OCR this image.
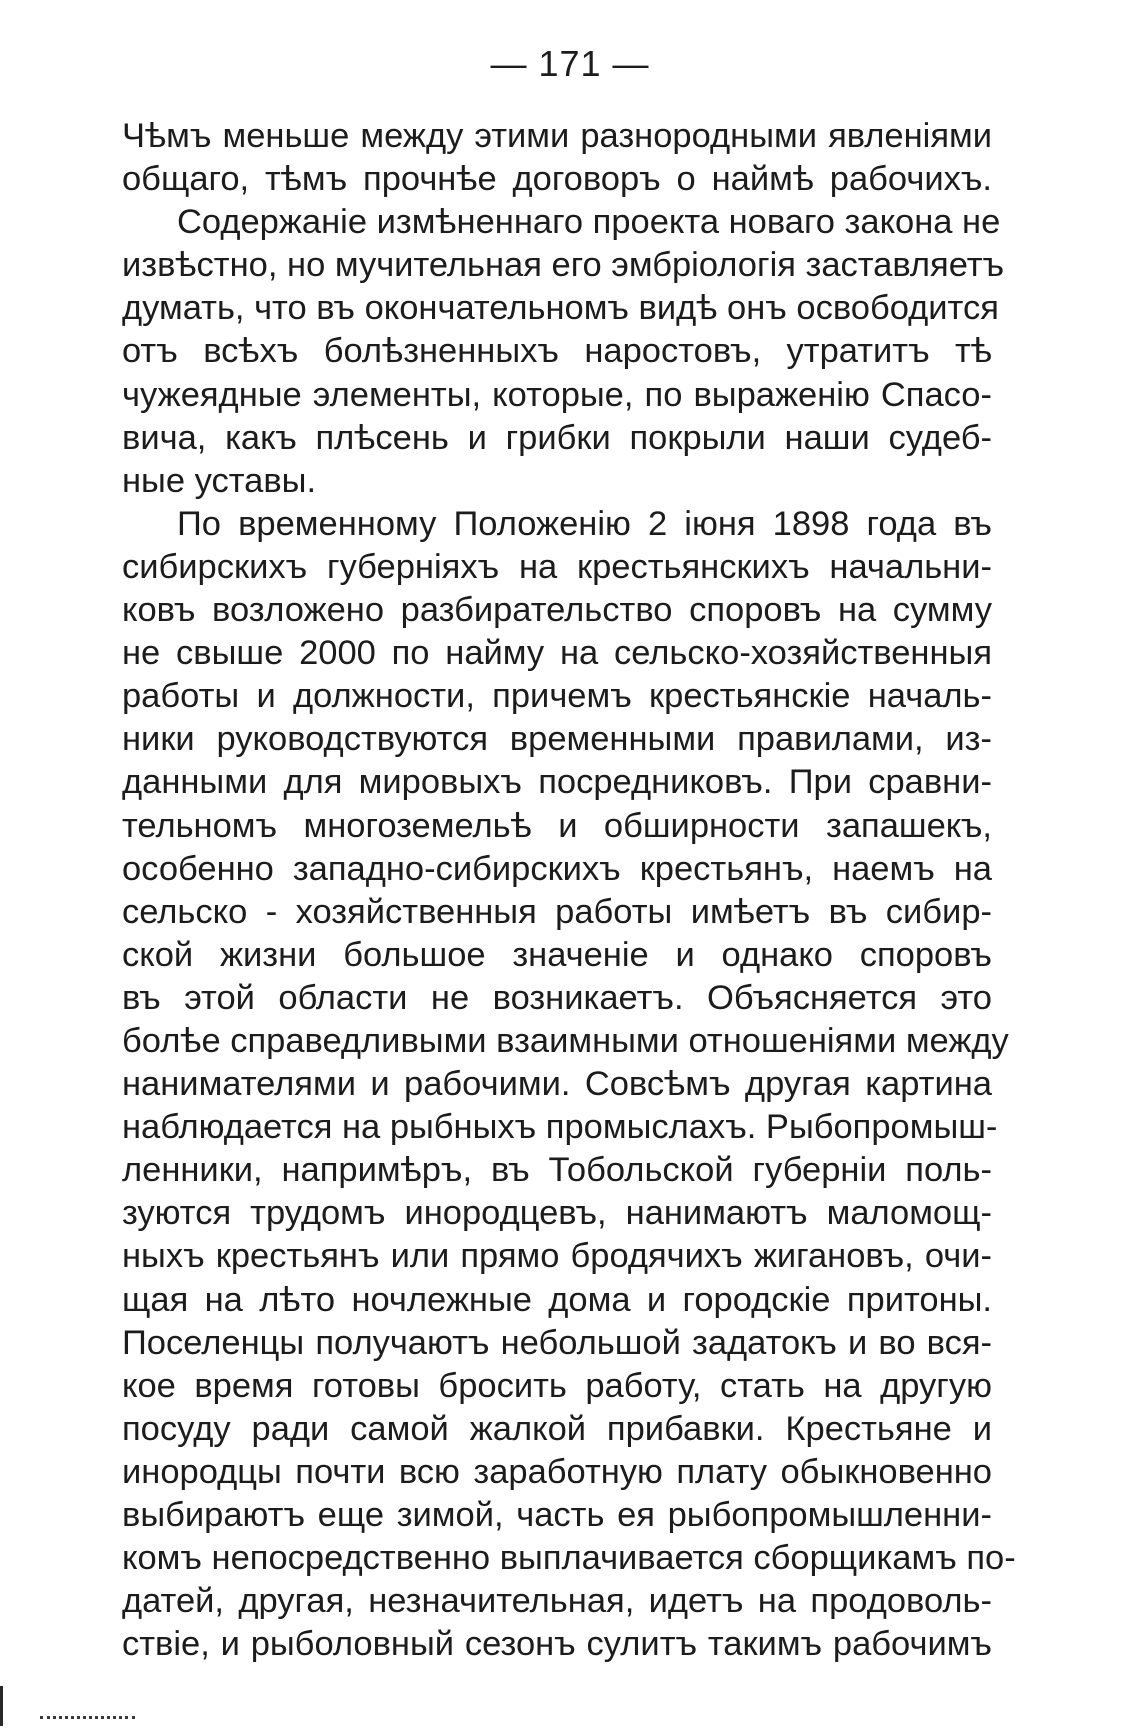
— 171 —

Чѣмъ меньше между этими разнородными явленіями
общаго, тѣмъ прочнѣе договоръ о наймѣ рабочихъ.

Содержаніе измѣненнаго проекта новаго закона не
извѣстно, но мучительная его эмбріологія заставляетъ
думать, что въ окончательномъ видѣ онъ освободится
отъ всѣхъ болѣзненныхъ наростовъ, утратитъ тѣ
чужеядные элементы, которые, по выраженію Спасо-
вича, какъ плѣсень и грибки покрыли наши судеб-
ные уставы.

По временному Положенію 2 іюня 1898 года въ
сибирскихъ губерніяхъ на крестьянскихъ начальни-
ковъ возложено разбирательство споровъ на сумму
не свыше 2000 по найму на сельско-хозяйственныя
работы и должности, причемъ крестьянскіе началь-
ники руководствуются временными правилами, из-
данными для мировыхъ посредниковъ. При сравни-
тельномъ многоземельѣ и обширности запашекъ,
особенно западно-сибирскихъ крестьянъ, наемъ на
сельско - хозяйственныя работы имѣетъ въ сибир-
ской жизни большое значеніе и однако споровъ
въ этой области не возникаетъ. Объясняется это
болѣе справедливыми взаимными отношеніями между
нанимателями и рабочими. Совсѣмъ другая картина
наблюдается на рыбныхъ промыслахъ. Рыбопромыш-
ленники, напримѣръ, въ Тобольской губерніи поль-
зуются трудомъ инородцевъ, нанимаютъ маломощ-
ныхъ крестьянъ или прямо бродячихъ жигановъ, очи-
щая на лѣто ночлежные дома и городскіе притоны.
Поселенцы получаютъ небольшой задатокъ и во вся-
кое время готовы бросить работу, стать на другую
посуду ради самой жалкой прибавки. Крестьяне и
инородцы почти всю заработную плату обыкновенно
выбираютъ еще зимой, часть ея рыбопромышленни-
комъ непосредственно выплачивается сборщикамъ по-
датей, другая, незначительная, идетъ на продоволь-
ствіе, и рыболовный сезонъ сулитъ такимъ рабочимъ
